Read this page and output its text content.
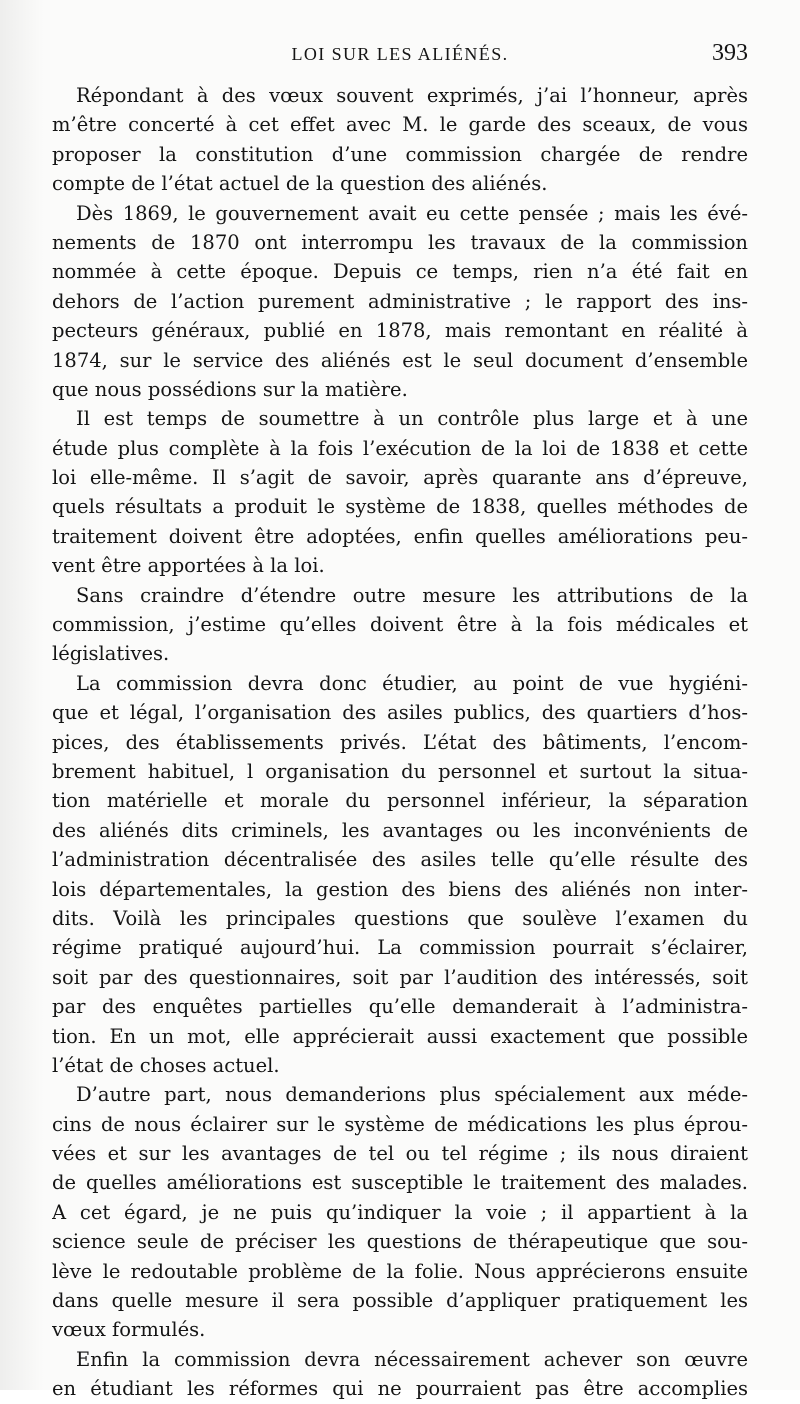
LOI SUR LES ALIÉNÉS.	393
Répondant à des vœux souvent exprimés, j’ai l’honneur, après
m’être concerté à cet effet avec M. le garde des sceaux, de vous
proposer la constitution d’une commission chargée de rendre
compte de l’état actuel de la question des aliénés.
Dès 1869, le gouvernement avait eu cette pensée ; mais les évé-
nements de 1870 ont interrompu les travaux de la commission
nommée à cette époque. Depuis ce temps, rien n’a été fait en
dehors de l’action purement administrative ; le rapport des ins-
pecteurs généraux, publié en 1878, mais remontant en réalité à
1874, sur le service des aliénés est le seul document d’ensemble
que nous possédions sur la matière.
Il est temps de soumettre à un contrôle plus large et à une
étude plus complète à la fois l’exécution de la loi de 1838 et cette
loi elle-même. Il s’agit de savoir, après quarante ans d’épreuve,
quels résultats a produit le système de 1838, quelles méthodes de
traitement doivent être adoptées, enfin quelles améliorations peu-
vent être apportées à la loi.
Sans craindre d’étendre outre mesure les attributions de la
commission, j’estime qu’elles doivent être à la fois médicales et
législatives.
La commission devra donc étudier, au point de vue hygiéni-
que et légal, l’organisation des asiles publics, des quartiers d’hos-
pices, des établissements privés. L’état des bâtiments, l’encom-
brement habituel, l organisation du personnel et surtout la situa-
tion matérielle et morale du personnel inférieur, la séparation
des aliénés dits criminels, les avantages ou les inconvénients de
l’administration décentralisée des asiles telle qu’elle résulte des
lois départementales, la gestion des biens des aliénés non inter-
dits. Voilà les principales questions que soulève l’examen du
régime pratiqué aujourd’hui. La commission pourrait s’éclairer,
soit par des questionnaires, soit par l’audition des intéressés, soit
par des enquêtes partielles qu’elle demanderait à l’administra-
tion. En un mot, elle apprécierait aussi exactement que possible
l’état de choses actuel.
D’autre part, nous demanderions plus spécialement aux méde-
cins de nous éclairer sur le système de médications les plus éprou-
vées et sur les avantages de tel ou tel régime ; ils nous diraient
de quelles améliorations est susceptible le traitement des malades.
A cet égard, je ne puis qu’indiquer la voie ; il appartient à la
science seule de préciser les questions de thérapeutique que sou-
lève le redoutable problème de la folie. Nous apprécierons ensuite
dans quelle mesure il sera possible d’appliquer pratiquement les
vœux formulés.
Enfin la commission devra nécessairement achever son œuvre
en étudiant les réformes qui ne pourraient pas être accomplies
